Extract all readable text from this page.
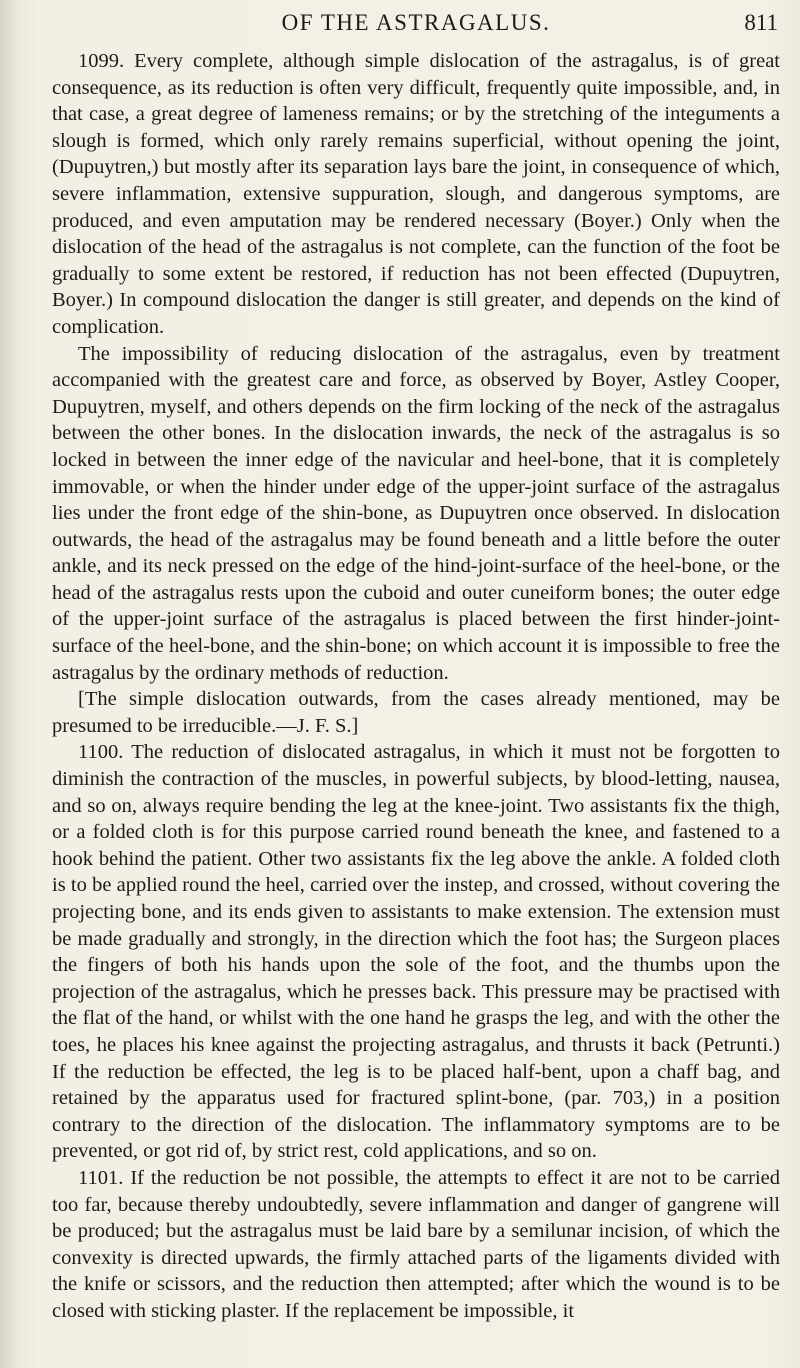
OF THE ASTRAGALUS.	811

1099. Every complete, although simple dislocation of the astragalus, is of great consequence, as its reduction is often very difficult, frequently quite impossible, and, in that case, a great degree of lameness remains; or by the stretching of the integuments a slough is formed, which only rarely remains superficial, without opening the joint, (Dupuytren,) but mostly after its separation lays bare the joint, in consequence of which, severe inflammation, extensive suppuration, slough, and dangerous symptoms, are produced, and even amputation may be rendered necessary (Boyer.) Only when the dislocation of the head of the astragalus is not complete, can the function of the foot be gradually to some extent be restored, if reduction has not been effected (Dupuytren, Boyer.) In compound dislocation the danger is still greater, and depends on the kind of complication.

The impossibility of reducing dislocation of the astragalus, even by treatment accompanied with the greatest care and force, as observed by Boyer, Astley Cooper, Dupuytren, myself, and others depends on the firm locking of the neck of the astragalus between the other bones. In the dislocation inwards, the neck of the astragalus is so locked in between the inner edge of the navicular and heel-bone, that it is completely immovable, or when the hinder under edge of the upper-joint surface of the astragalus lies under the front edge of the shin-bone, as Dupuytren once observed. In dislocation outwards, the head of the astragalus may be found beneath and a little before the outer ankle, and its neck pressed on the edge of the hind-joint-surface of the heel-bone, or the head of the astragalus rests upon the cuboid and outer cuneiform bones; the outer edge of the upper-joint surface of the astragalus is placed between the first hinder-joint-surface of the heel-bone, and the shin-bone; on which account it is impossible to free the astragalus by the ordinary methods of reduction.

[The simple dislocation outwards, from the cases already mentioned, may be presumed to be irreducible.—J. F. S.]

1100. The reduction of dislocated astragalus, in which it must not be forgotten to diminish the contraction of the muscles, in powerful subjects, by blood-letting, nausea, and so on, always require bending the leg at the knee-joint. Two assistants fix the thigh, or a folded cloth is for this purpose carried round beneath the knee, and fastened to a hook behind the patient. Other two assistants fix the leg above the ankle. A folded cloth is to be applied round the heel, carried over the instep, and crossed, without covering the projecting bone, and its ends given to assistants to make extension. The extension must be made gradually and strongly, in the direction which the foot has; the Surgeon places the fingers of both his hands upon the sole of the foot, and the thumbs upon the projection of the astragalus, which he presses back. This pressure may be practised with the flat of the hand, or whilst with the one hand he grasps the leg, and with the other the toes, he places his knee against the projecting astragalus, and thrusts it back (Petrunti.) If the reduction be effected, the leg is to be placed half-bent, upon a chaff bag, and retained by the apparatus used for fractured splint-bone, (par. 703,) in a position contrary to the direction of the dislocation. The inflammatory symptoms are to be prevented, or got rid of, by strict rest, cold applications, and so on.

1101. If the reduction be not possible, the attempts to effect it are not to be carried too far, because thereby undoubtedly, severe inflammation and danger of gangrene will be produced; but the astragalus must be laid bare by a semilunar incision, of which the convexity is directed upwards, the firmly attached parts of the ligaments divided with the knife or scissors, and the reduction then attempted; after which the wound is to be closed with sticking plaster. If the replacement be impossible, it
